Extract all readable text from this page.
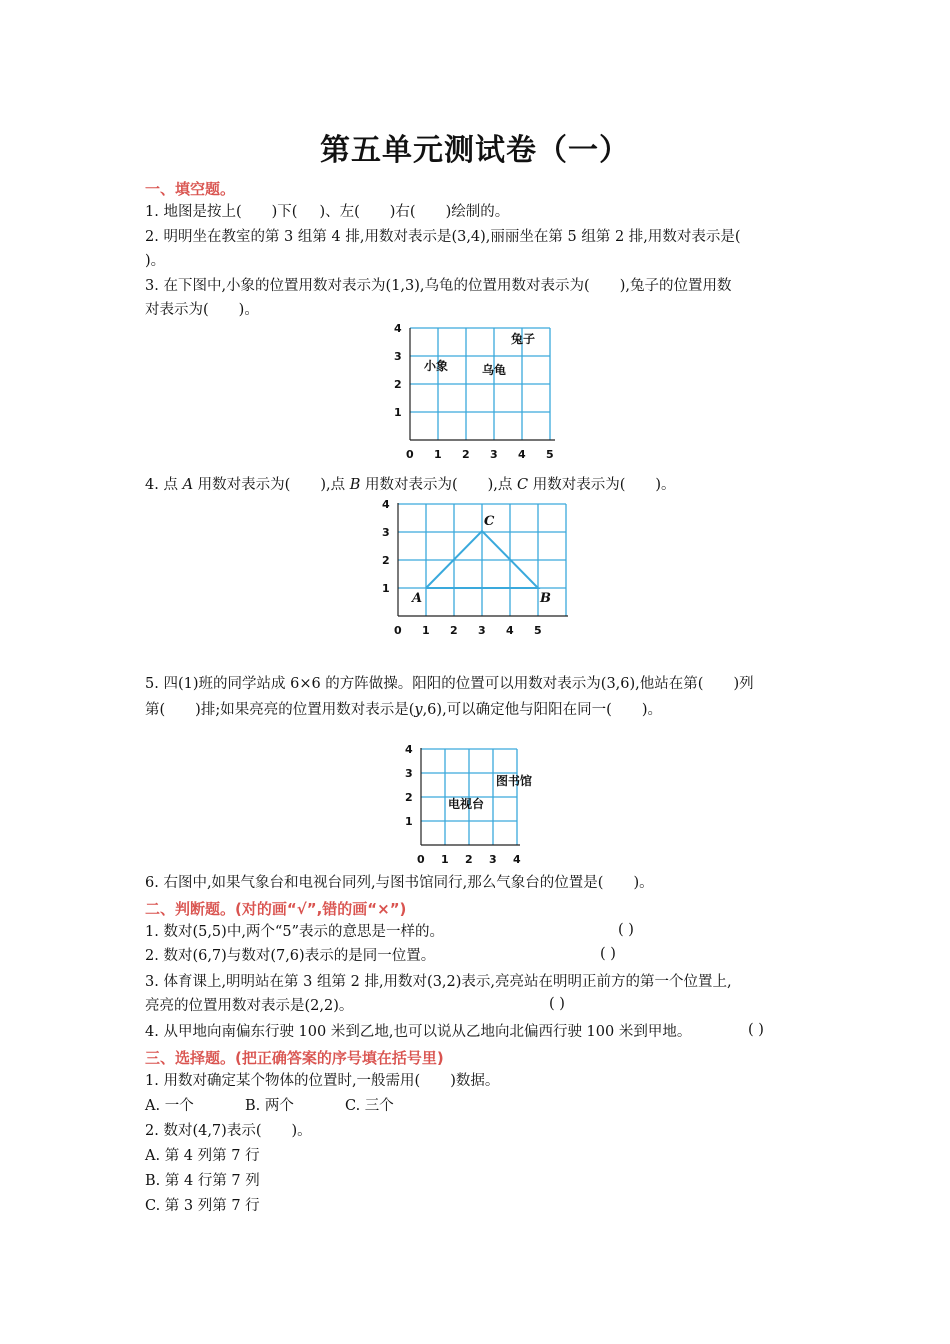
第五单元测试卷（一）
一、填空题。
1. 地图是按上( )下( )、左( )右( )绘制的。
2. 明明坐在教室的第 3 组第 4 排,用数对表示是(3,4),丽丽坐在第 5 组第 2 排,用数对表示是(
)。
3. 在下图中,小象的位置用数对表示为(1,3),乌龟的位置用数对表示为( ),兔子的位置用数
对表示为( )。
0 1 2 3 4 5
1
2
3
4
小象	乌龟
兔子
4. 点 A 用数对表示为( ),点 B 用数对表示为( ),点 C 用数对表示为( )。
0 1 2 3 4 5
1
2
3
4
A	B
C
5. 四(1)班的同学站成 6×6 的方阵做操。阳阳的位置可以用数对表示为(3,6),他站在第( )列
第( )排;如果亮亮的位置用数对表示是(y,6),可以确定他与阳阳在同一( )。
0 1 2 3 4
1
2
3
4
电视台
图书馆
6. 右图中,如果气象台和电视台同列,与图书馆同行,那么气象台的位置是( )。
二、判断题。(对的画“√”,错的画“×”)
1. 数对(5,5)中,两个“5”表示的意思是一样的。	( )
2. 数对(6,7)与数对(7,6)表示的是同一位置。	( )
3. 体育课上,明明站在第 3 组第 2 排,用数对(3,2)表示,亮亮站在明明正前方的第一个位置上,
亮亮的位置用数对表示是(2,2)。	( )
4. 从甲地向南偏东行驶 100 米到乙地,也可以说从乙地向北偏西行驶 100 米到甲地。	( )
三、选择题。(把正确答案的序号填在括号里)
1. 用数对确定某个物体的位置时,一般需用( )数据。
A. 一个	B. 两个	C. 三个
2. 数对(4,7)表示( )。
A. 第 4 列第 7 行
B. 第 4 行第 7 列
C. 第 3 列第 7 行
